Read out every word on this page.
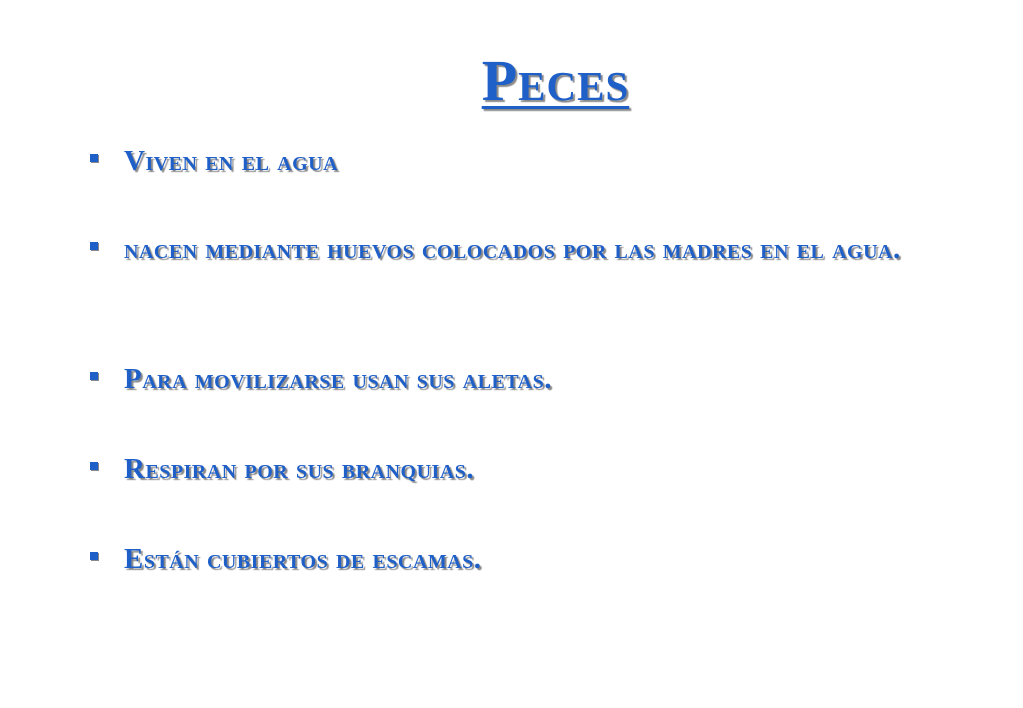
Peces
Viven en el agua
nacen mediante huevos colocados por las madres en el agua.
Para movilizarse usan sus aletas.
Respiran por sus branquias.
Están cubiertos de escamas.
